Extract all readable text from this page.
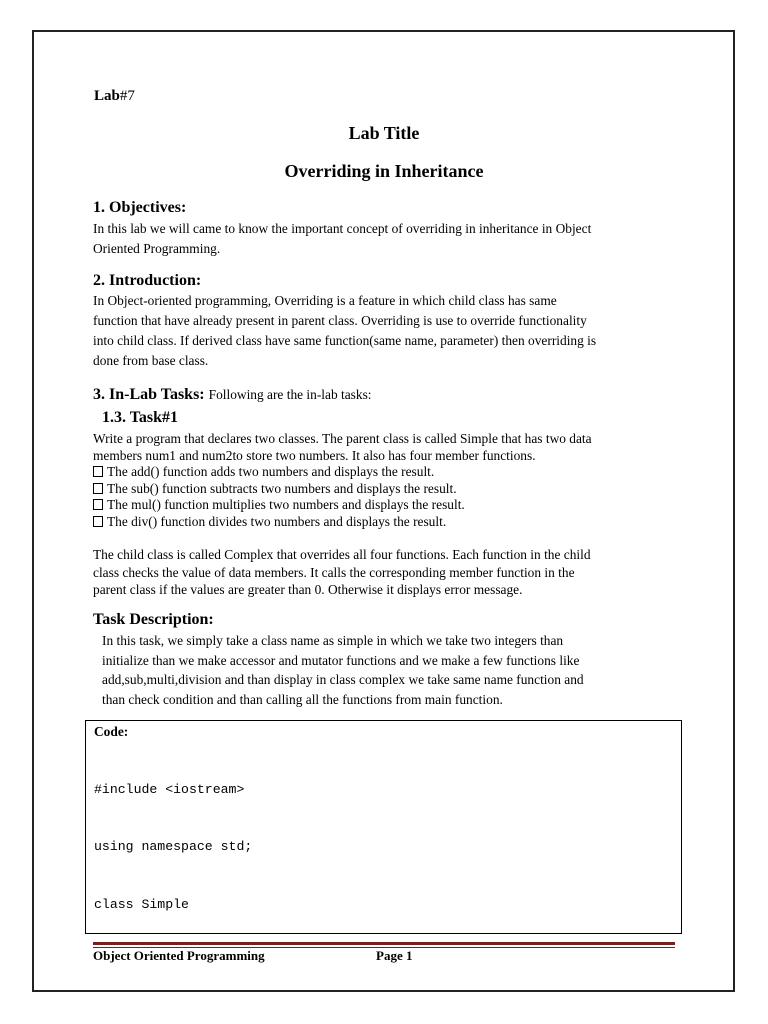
Lab#7
Lab Title
Overriding in Inheritance
1. Objectives:
In this lab we will came to know the important concept of overriding in inheritance in Object
Oriented Programming.
2. Introduction:
In Object-oriented programming, Overriding is a feature in which child class has same
function that have already present in parent class. Overriding is use to override functionality
into child class. If derived class have same function(same name, parameter) then overriding is
done from base class.
3. In-Lab Tasks: Following are the in-lab tasks:
1.3. Task#1
Write a program that declares two classes. The parent class is called Simple that has two data
members num1 and num2to store two numbers. It also has four member functions.
The add() function adds two numbers and displays the result.
The sub() function subtracts two numbers and displays the result.
The mul() function multiplies two numbers and displays the result.
The div() function divides two numbers and displays the result.
The child class is called Complex that overrides all four functions. Each function in the child
class checks the value of data members. It calls the corresponding member function in the
parent class if the values are greater than 0. Otherwise it displays error message.
Task Description:
In this task, we simply take a class name as simple in which we take two integers than
initialize than we make accessor and mutator functions and we make a few functions like
add,sub,multi,division and than display in class complex we take same name function and
than check condition and than calling all the functions from main function.
Code:

#include <iostream>

using namespace std;

class Simple

Object Oriented Programming	Page 1
